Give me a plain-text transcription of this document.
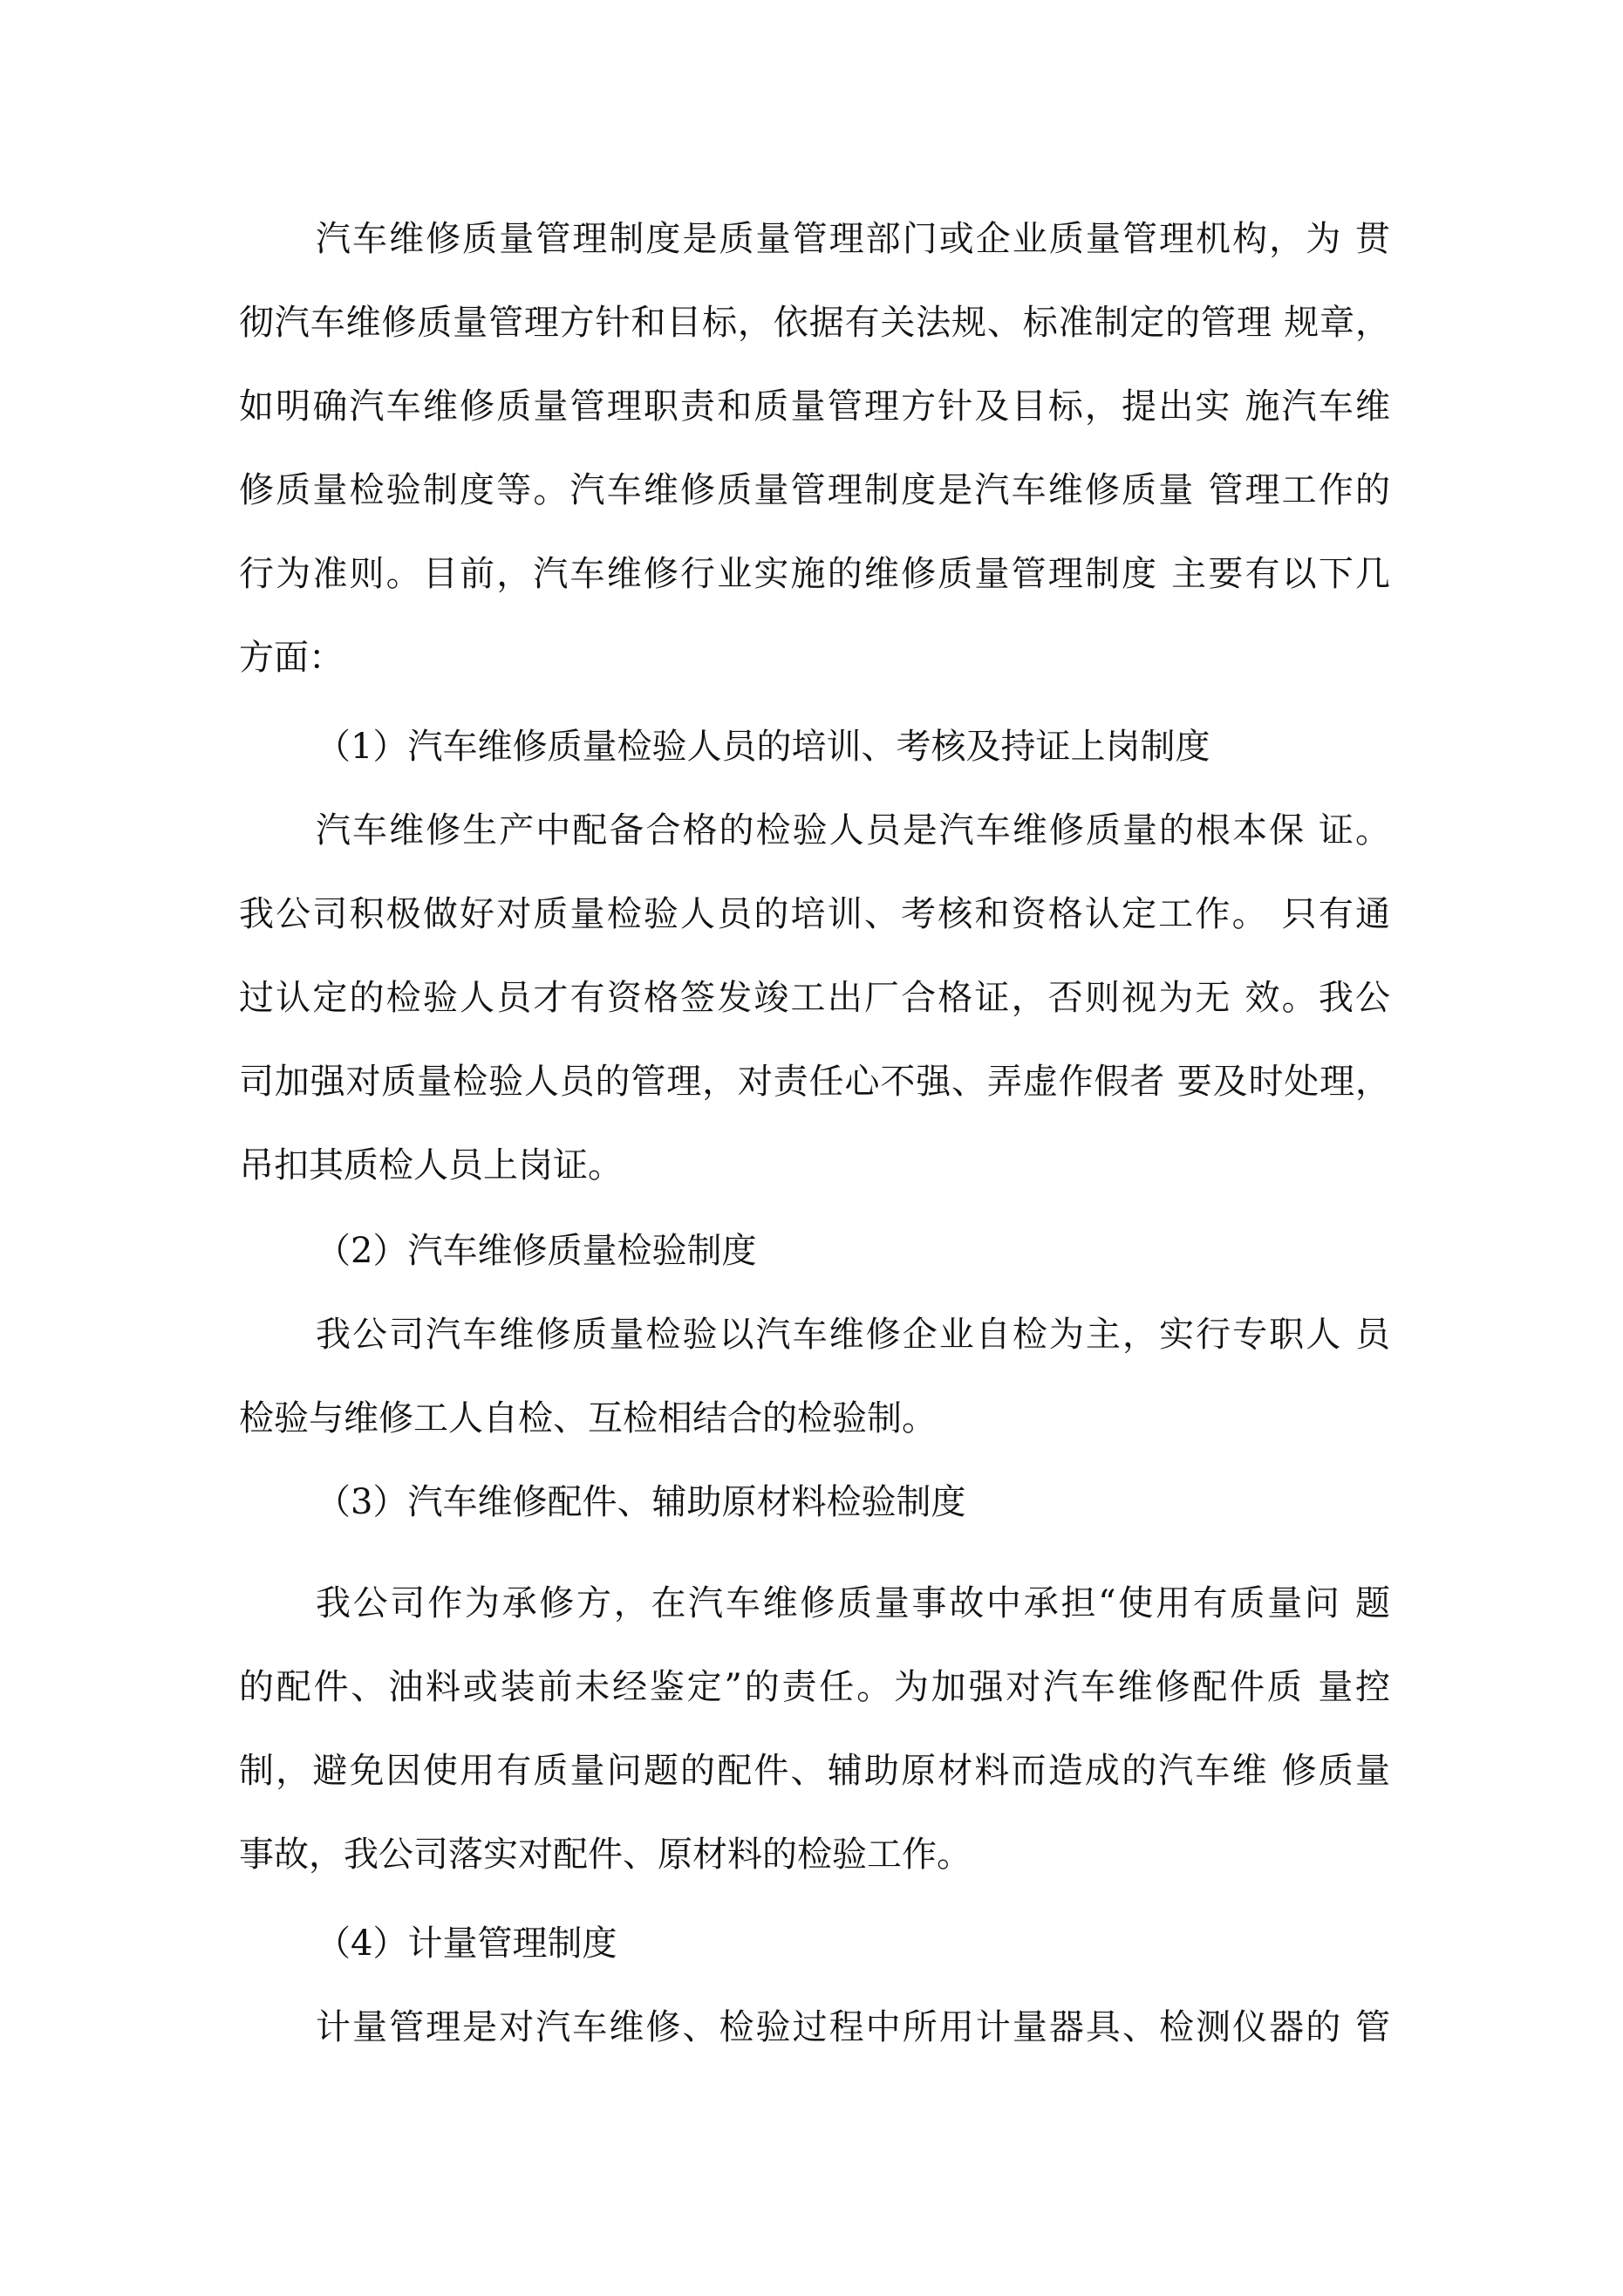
汽车维修质量管理制度是质量管理部门或企业质量管理机构，为 贯
彻汽车维修质量管理方针和目标，依据有关法规、标准制定的管理 规章，
如明确汽车维修质量管理职责和质量管理方针及目标，提出实 施汽车维
修质量检验制度等。汽车维修质量管理制度是汽车维修质量 管理工作的
行为准则。目前，汽车维修行业实施的维修质量管理制度 主要有以下几
方面：
（1）汽车维修质量检验人员的培训、考核及持证上岗制度
汽车维修生产中配备合格的检验人员是汽车维修质量的根本保 证。
我公司积极做好对质量检验人员的培训、考核和资格认定工作。 只有通
过认定的检验人员才有资格签发竣工出厂合格证，否则视为无 效。我公
司加强对质量检验人员的管理，对责任心不强、弄虚作假者 要及时处理，
吊扣其质检人员上岗证。
（2）汽车维修质量检验制度
我公司汽车维修质量检验以汽车维修企业自检为主，实行专职人 员
检验与维修工人自检、互检相结合的检验制。
（3）汽车维修配件、辅助原材料检验制度
我公司作为承修方，在汽车维修质量事故中承担“使用有质量问 题
的配件、油料或装前未经鉴定”的责任。为加强对汽车维修配件质 量控
制，避免因使用有质量问题的配件、辅助原材料而造成的汽车维 修质量
事故，我公司落实对配件、原材料的检验工作。
（4）计量管理制度
计量管理是对汽车维修、检验过程中所用计量器具、检测仪器的 管
